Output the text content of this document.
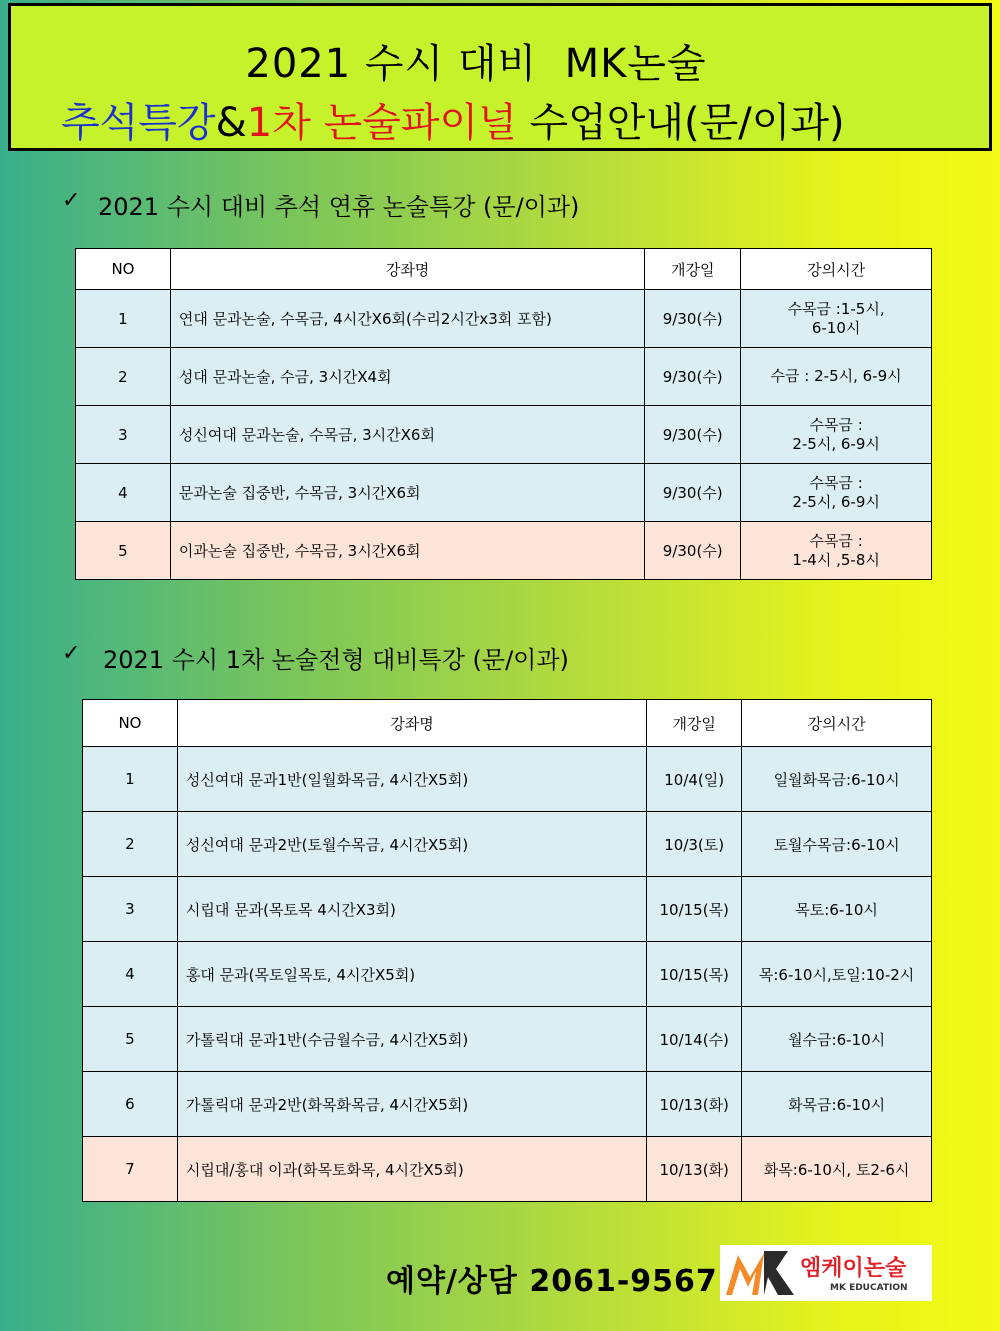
2021 수시 대비  MK논술
추석특강&1차 논술파이널 수업안내(문/이과)
✓ 2021 수시 대비 추석 연휴 논술특강 (문/이과)
NO	강좌명	개강일	강의시간
1	연대 문과논술, 수목금, 4시간X6회(수리2시간x3회 포함)	9/30(수)	수목금 :1-5시,
6-10시

2	성대 문과논술, 수금, 3시간X4회	9/30(수)	수금 : 2-5시, 6-9시

3	성신여대 문과논술, 수목금, 3시간X6회	9/30(수)	수목금 :
2-5시, 6-9시

4	문과논술 집중반, 수목금, 3시간X6회	9/30(수)	수목금 :
2-5시, 6-9시

5	이과논술 집중반, 수목금, 3시간X6회	9/30(수)	수목금 :
1-4시 ,5-8시
✓ 2021 수시 1차 논술전형 대비특강 (문/이과)
NO	강좌명	개강일	강의시간
1	성신여대 문과1반(일월화목금, 4시간X5회)	10/4(일)	일월화목금:6-10시
2	성신여대 문과2반(토월수목금, 4시간X5회)	10/3(토)	토월수목금:6-10시
3	시립대 문과(목토목 4시간X3회)	10/15(목)	목토:6-10시
4	홍대 문과(목토일목토, 4시간X5회)	10/15(목)	목:6-10시,토일:10-2시
5	가톨릭대 문과1반(수금월수금, 4시간X5회)	10/14(수)	월수금:6-10시
6	가톨릭대 문과2반(화목화목금, 4시간X5회)	10/13(화)	화목금:6-10시
7	시립대/홍대 이과(화목토화목, 4시간X5회)	10/13(화)	화목:6-10시, 토2-6시
예약/상담 2061-9567	엠케이논술
MK EDUCATION
